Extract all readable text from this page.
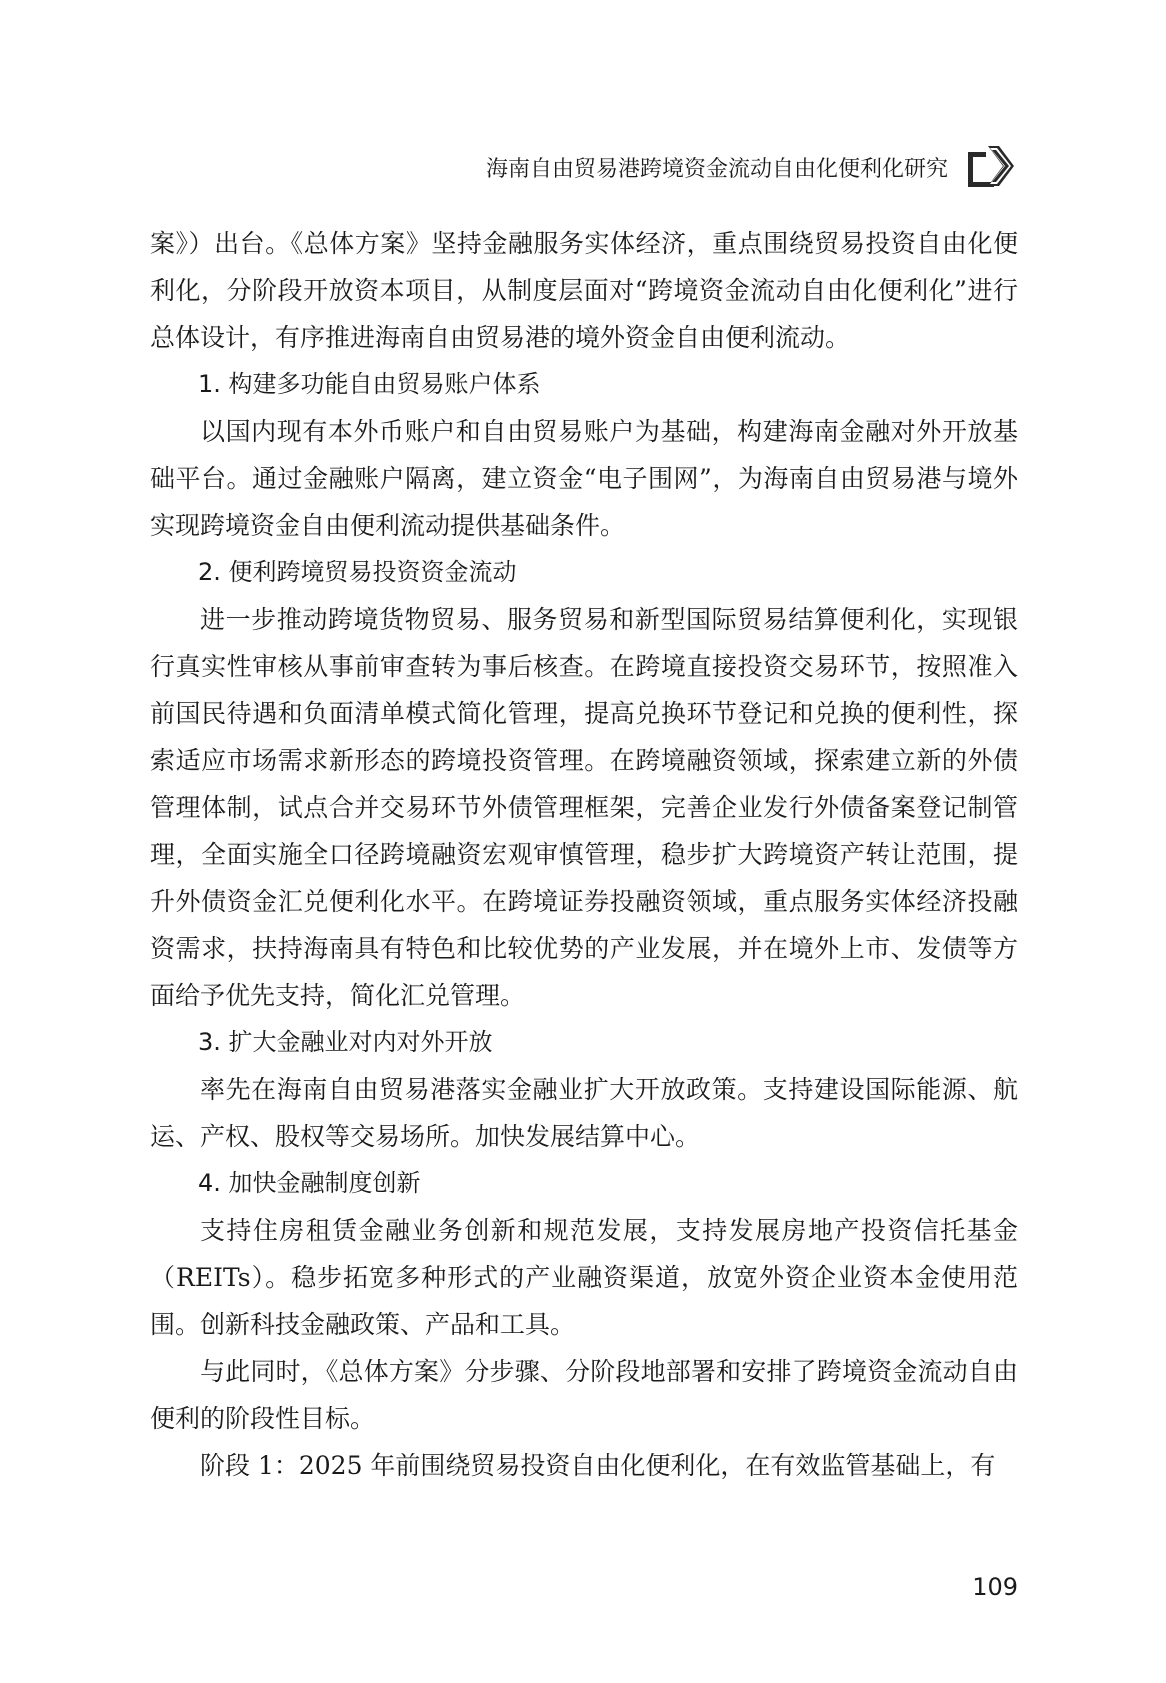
海南自由贸易港跨境资金流动自由化便利化研究

案》）出台。《总体方案》坚持金融服务实体经济，重点围绕贸易投资自由化便利化，分阶段开放资本项目，从制度层面对“跨境资金流动自由化便利化”进行总体设计，有序推进海南自由贸易港的境外资金自由便利流动。

1. 构建多功能自由贸易账户体系

以国内现有本外币账户和自由贸易账户为基础，构建海南金融对外开放基础平台。通过金融账户隔离，建立资金“电子围网”，为海南自由贸易港与境外实现跨境资金自由便利流动提供基础条件。

2. 便利跨境贸易投资资金流动

进一步推动跨境货物贸易、服务贸易和新型国际贸易结算便利化，实现银行真实性审核从事前审查转为事后核查。在跨境直接投资交易环节，按照准入前国民待遇和负面清单模式简化管理，提高兑换环节登记和兑换的便利性，探索适应市场需求新形态的跨境投资管理。在跨境融资领域，探索建立新的外债管理体制，试点合并交易环节外债管理框架，完善企业发行外债备案登记制管理，全面实施全口径跨境融资宏观审慎管理，稳步扩大跨境资产转让范围，提升外债资金汇兑便利化水平。在跨境证券投融资领域，重点服务实体经济投融资需求，扶持海南具有特色和比较优势的产业发展，并在境外上市、发债等方面给予优先支持，简化汇兑管理。

3. 扩大金融业对内对外开放

率先在海南自由贸易港落实金融业扩大开放政策。支持建设国际能源、航运、产权、股权等交易场所。加快发展结算中心。

4. 加快金融制度创新

支持住房租赁金融业务创新和规范发展，支持发展房地产投资信托基金（REITs）。稳步拓宽多种形式的产业融资渠道，放宽外资企业资本金使用范围。创新科技金融政策、产品和工具。

与此同时，《总体方案》分步骤、分阶段地部署和安排了跨境资金流动自由便利的阶段性目标。

阶段 1：2025 年前围绕贸易投资自由化便利化，在有效监管基础上，有

109
